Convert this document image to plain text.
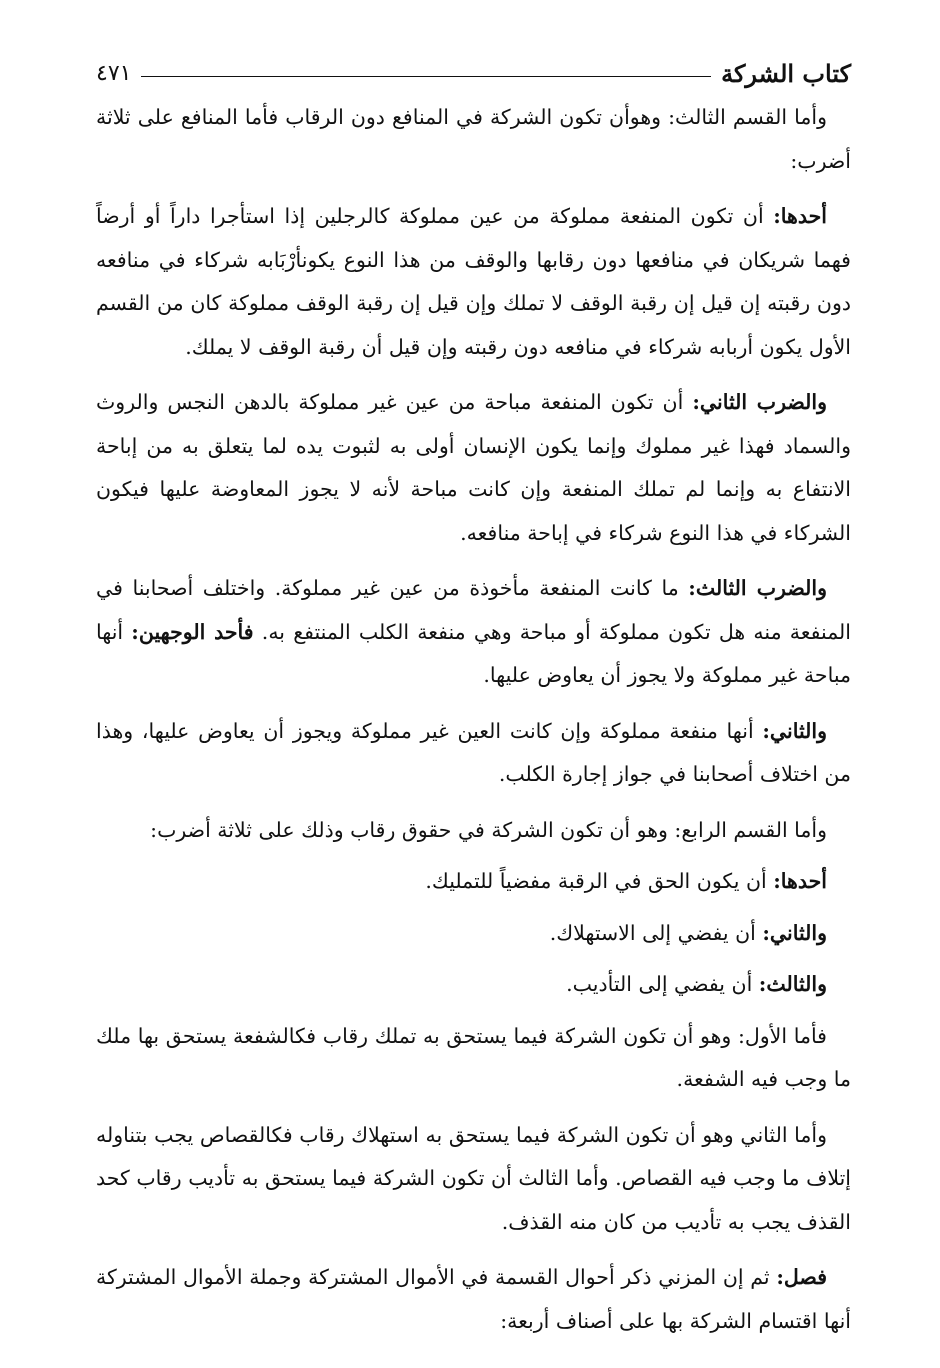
كتاب الشركة
٤٧١

وأما القسم الثالث: وهوأن تكون الشركة في المنافع دون الرقاب فأما المنافع على ثلاثة أضرب:

أحدها: أن تكون المنفعة مملوكة من عين مملوكة كالرجلين إذا استأجرا داراً أو أرضاً فهما شريكان في منافعها دون رقابها والوقف من هذا النوع يكونأرْبَابه شركاء في منافعه دون رقبته إن قيل إن رقبة الوقف لا تملك وإن قيل إن رقبة الوقف مملوكة كان من القسم الأول يكون أربابه شركاء في منافعه دون رقبته وإن قيل أن رقبة الوقف لا يملك.

والضرب الثاني: أن تكون المنفعة مباحة من عين غير مملوكة بالدهن النجس والروث والسماد فهذا غير مملوك وإنما يكون الإنسان أولى به لثبوت يده لما يتعلق به من إباحة الانتفاع به وإنما لم تملك المنفعة وإن كانت مباحة لأنه لا يجوز المعاوضة عليها فيكون الشركاء في هذا النوع شركاء في إباحة منافعه.

والضرب الثالث: ما كانت المنفعة مأخوذة من عين غير مملوكة. واختلف أصحابنا في المنفعة منه هل تكون مملوكة أو مباحة وهي منفعة الكلب المنتفع به. فأحد الوجهين: أنها مباحة غير مملوكة ولا يجوز أن يعاوض عليها.

والثاني: أنها منفعة مملوكة وإن كانت العين غير مملوكة ويجوز أن يعاوض عليها، وهذا من اختلاف أصحابنا في جواز إجارة الكلب.

وأما القسم الرابع: وهو أن تكون الشركة في حقوق رقاب وذلك على ثلاثة أضرب:

أحدها: أن يكون الحق في الرقبة مفضياً للتمليك.

والثاني: أن يفضي إلى الاستهلاك.

والثالث: أن يفضي إلى التأديب.

فأما الأول: وهو أن تكون الشركة فيما يستحق به تملك رقاب فكالشفعة يستحق بها ملك ما وجب فيه الشفعة.

وأما الثاني وهو أن تكون الشركة فيما يستحق به استهلاك رقاب فكالقصاص يجب بتناوله إتلاف ما وجب فيه القصاص. وأما الثالث أن تكون الشركة فيما يستحق به تأديب رقاب كحد القذف يجب به تأديب من كان منه القذف.

فصل: ثم إن المزني ذكر أحوال القسمة في الأموال المشتركة وجملة الأموال المشتركة أنها اقتسام الشركة بها على أصناف أربعة:
